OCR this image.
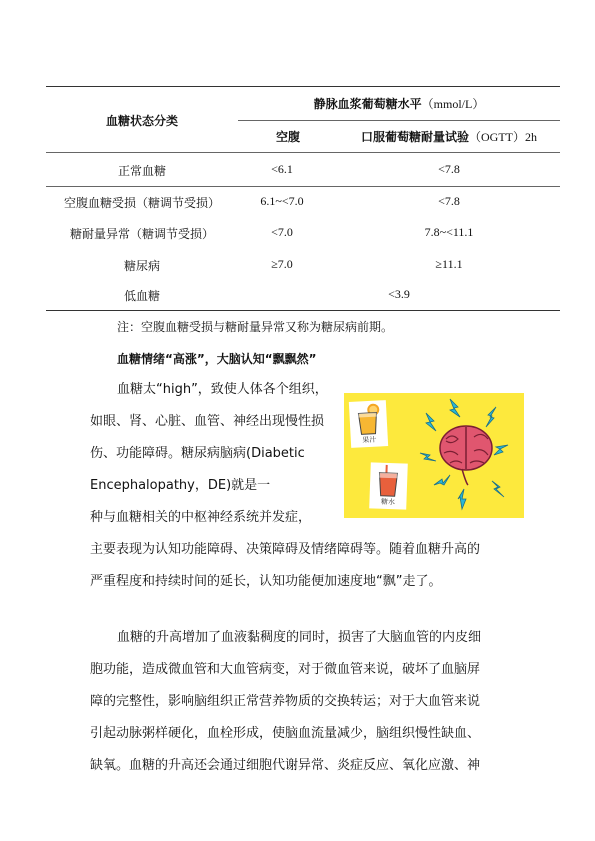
血糖状态分类
静脉血浆葡萄糖水平（mmol/L）
空腹	口服葡萄糖耐量试验（OGTT）2h
正常血糖	<6.1	<7.8
空腹血糖受损（糖调节受损）	6.1~<7.0	<7.8
糖耐量异常（糖调节受损）	<7.0	7.8~<11.1
糖尿病	≥7.0	≥11.1
低血糖	<3.9
注：空腹血糖受损与糖耐量异常又称为糖尿病前期。
血糖情绪“高涨”，大脑认知“飘飘然”
血糖太“high”，致使人体各个组织，
如眼、肾、心脏、血管、神经出现慢性损
伤、功能障碍。糖尿病脑病(Diabetic
Encephalopathy，DE)就是一
种与血糖相关的中枢神经系统并发症，
主要表现为认知功能障碍、决策障碍及情绪障碍等。随着血糖升高的
严重程度和持续时间的延长，认知功能便加速度地“飘”走了。
血糖的升高增加了血液黏稠度的同时，损害了大脑血管的内皮细
胞功能，造成微血管和大血管病变，对于微血管来说，破坏了血脑屏
障的完整性，影响脑组织正常营养物质的交换转运；对于大血管来说
引起动脉粥样硬化，血栓形成，使脑血流量减少，脑组织慢性缺血、
缺氧。血糖的升高还会通过细胞代谢异常、炎症反应、氧化应激、神
果汁
糖水
